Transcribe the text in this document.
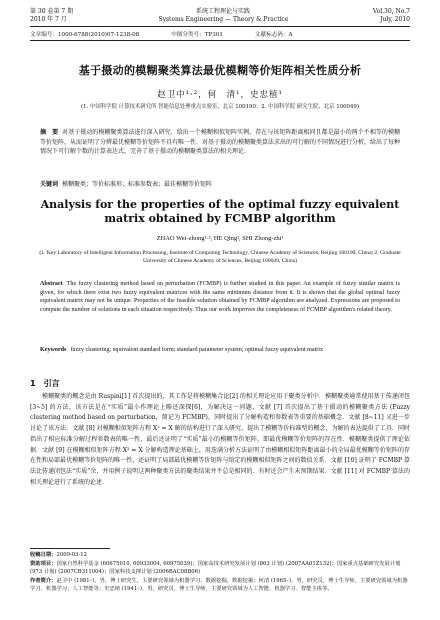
第 30 卷第 7 期	系统工程理论与实践	Vol.30, No.7
2010 年 7 月	Systems Engineering — Theory & Practice	July, 2010
文章编号：1000-6788(2010)07-1238-08	中图分类号：TP301	文献标志码：A
基于摄动的模糊聚类算法最优模糊等价矩阵相关性质分析
赵卫中¹·²，何　清¹，史忠植¹
(1. 中国科学院 计算技术研究所 智能信息处理重点实验室，北京 100190；2. 中国科学院 研究生院，北京 100049)
摘　要 对基于摄动的模糊聚类算法进行深入研究．给出一个模糊相似矩阵实例，存在与该矩阵距离相同且都是最小的两个不相等的模糊等价矩阵，从而证明了分辨最优模糊等价矩阵不具有唯一性．对基于摄动的模糊聚类算法求出的可行解的不同情况进行分析，给出了每种情况下可行解个数的计算表达式，完善了基于摄动的模糊聚类算法的相关理论．
关键词 模糊聚类；等价标准形；标准参数表；最佳模糊等价矩阵
Analysis for the properties of the optimal fuzzy equivalent matrix obtained by FCMBP algorithm
ZHAO Wei-zhong¹·², HE Qing¹, SHI Zhong-zhi¹
(1. Key Laboratory of Intelligent Information Processing, Institute of Computing Technology, Chinese Academy of Sciences, Beijing 100190, China; 2. Graduate University of Chinese Academy of Sciences, Beijing 100049, China)
Abstract The fuzzy clustering method based on perturbation (FCMBP) is further studied in this paper. An example of fuzzy similar matrix is given, for which there exist two fuzzy equivalent matrices with the same minimum distance from it. It is shown that the global optimal fuzzy equivalent matrix may not be unique. Properties of the feasible solution obtained by FCMBP algorithm are analyzed. Expressions are proposed to compute the number of solutions in each situation respectively. Thus our work improves the completeness of FCMBP algorithm's related theory.
Keywords fuzzy clustering; equivalent standard form; standard parameter system; optimal fuzzy equivalent matrix
1　引言
模糊聚类的概念是由 Ruspini[1] 首次提出的，其工作是将模糊集合论[2] 的相关理论应用于聚类分析中．模糊聚类通常使用基于传递闭包[3~5] 的方法，该方法是在“实质”最小作理论上略还深探[6]，为解决这一问题，文献 [7] 首次提出了基于摄动的模糊聚类方法 (Fuzzy clustering method based on perturbation，简记为 FCMBP)，同时提出了分解构造和参数表等重要的基础概念．文献 [8~11] 又进一步讨论了该方法．文献 [8] 对模糊相似矩阵方程 X² = X 解的结构进行了深入研究，提出了模糊等价标准型的概念，为解的表达提供了工具．同时指出了相应标准分解过程参数表的唯一性，最后还证明了“实质”最小的模糊等价矩阵，即最优模糊等价矩阵的存在性．模糊聚类提供了理论依据．文献 [9] 在模糊相似矩阵方程 X² = X 分解构造理论基础上，用迭满分析方法证明了由模糊相似矩阵距离最小的全局最优模糊等价矩阵的存在性和局部最优模糊等价矩阵的唯一性，还证明了局部最优模糊等价矩阵与给定的模糊相似矩阵之间的数值关系．文献 [10] 证明了 FCMBP 算法比传递闭包法“实质”余，并用例子说明这两种聚类方法的聚类结果并不总是相同的．有时还会产生未预期结果．文献 [11] 对 FCMBP 算法的相关理论进行了系统的论述．
收稿日期：2009-03-12
资助项目：国家自然科学基金 (60675010, 60933004, 60975039)；国家高技术研究发展计划 (863 计划) (2007AA01Z132)；国家重点基础研究发展计划 (973 计划) (2007CB311004)；国家科技支撑计划 (2006BAC08B06)
作者简介：赵卫中 (1981–)，男，博士研究生，主要研究领域为机器学习、数据挖掘，数据挖掘；何清 (1965–)，男，研究员，博士生导师，主要研究领域为机器学习、机器学习、人工智能等；史忠植 (1941–)，男，研究员，博士生导师，主要研究领域为人工智能、机器学习、智能主体等。
